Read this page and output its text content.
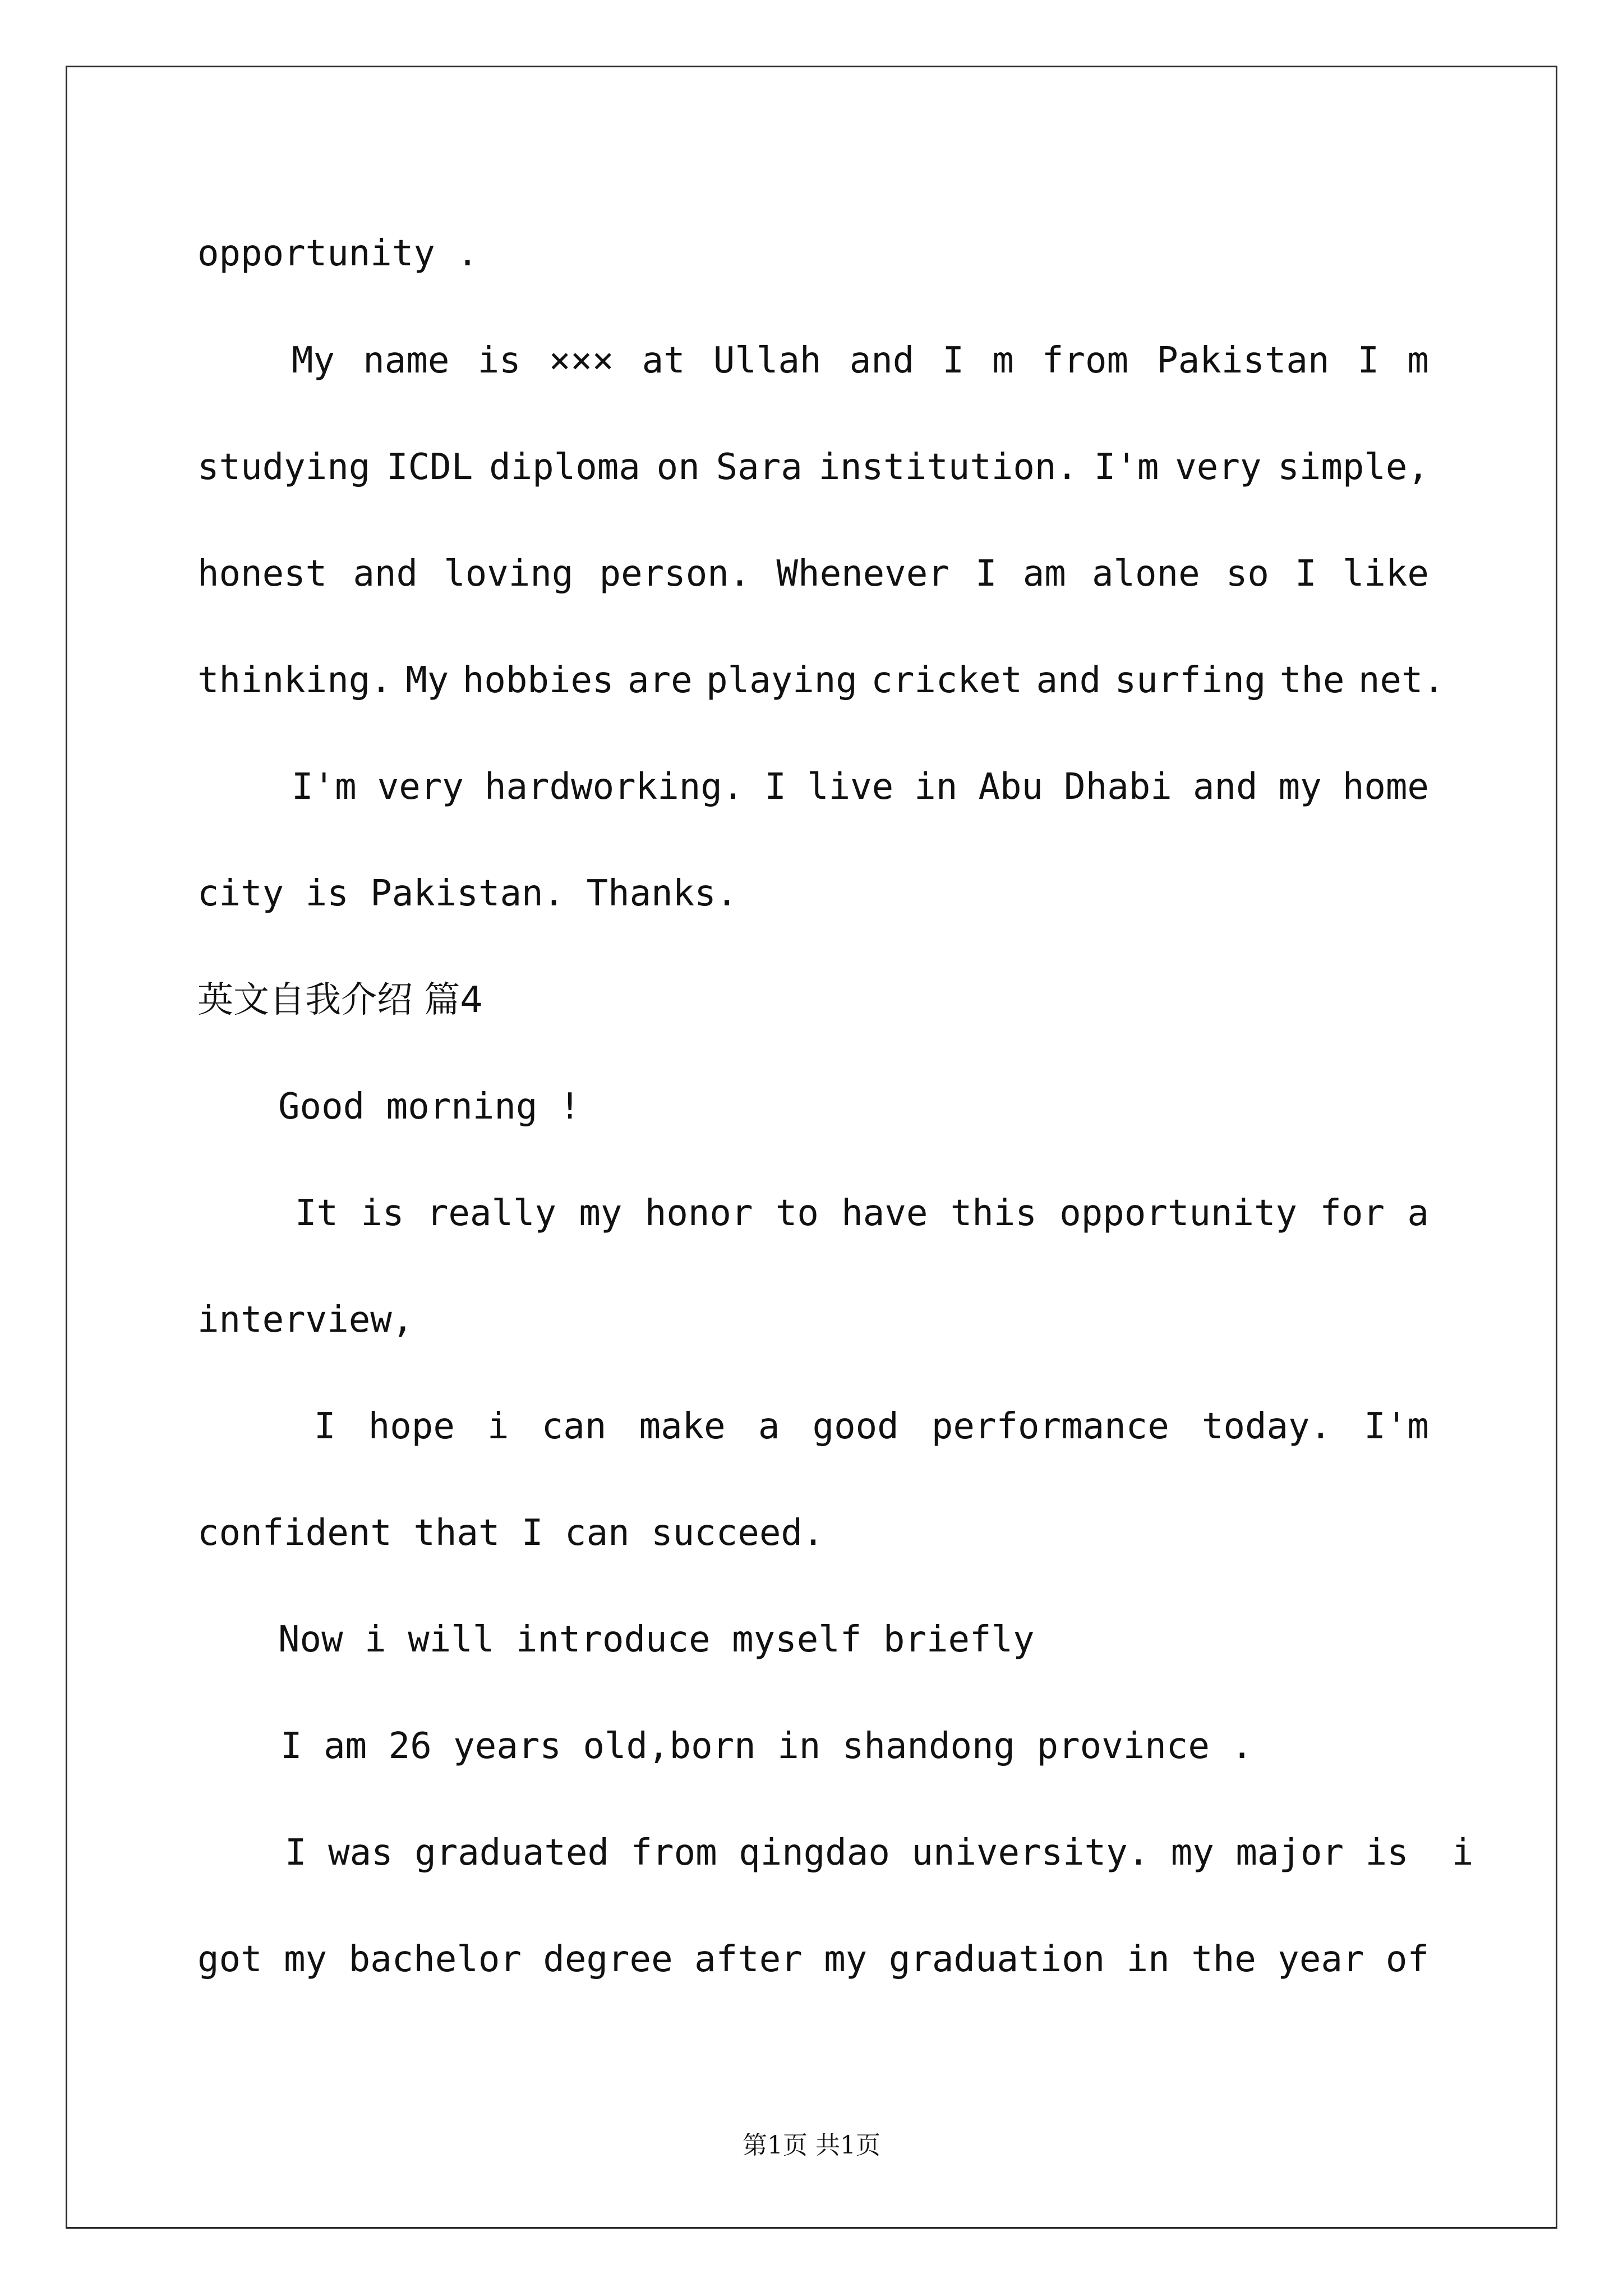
opportunity .
My name is ××× at Ullah and I m from Pakistan I m
studying ICDL diploma on Sara institution. I'm very simple,
honest and loving person. Whenever I am alone so I like
thinking. My hobbies are playing cricket and surfing the net.
I'm very hardworking. I live in Abu Dhabi and my home
city is Pakistan. Thanks.
英文自我介绍 篇4
Good morning !
It is really my honor to have this opportunity for a
interview,
I hope i can make a good performance today. I'm
confident that I can succeed.
Now i will introduce myself briefly
I am 26 years old,born in shandong province .
I was graduated from qingdao university. my major is  i
got my bachelor degree after my graduation in the year of
第1页 共1页
